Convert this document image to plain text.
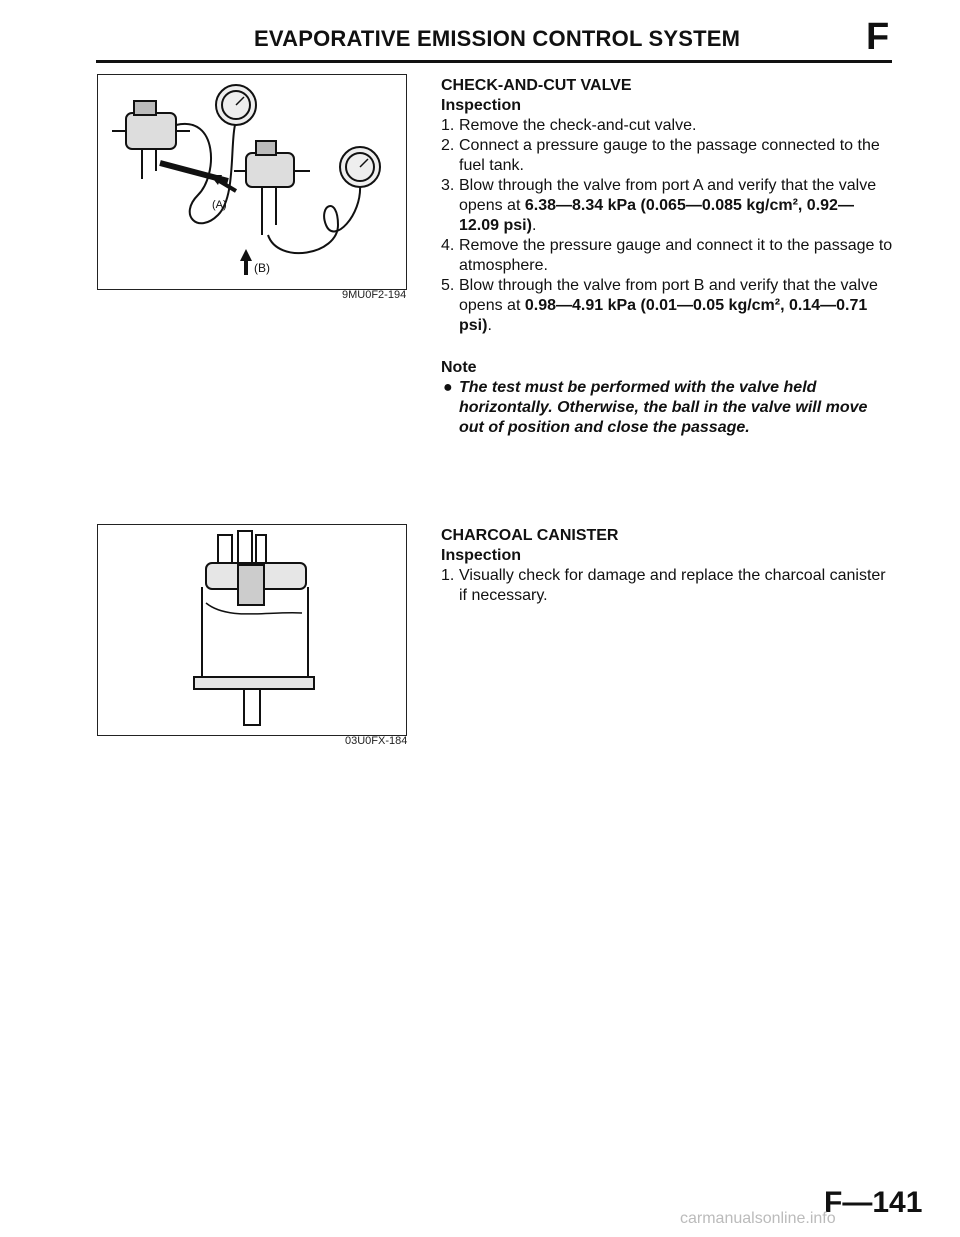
EVAPORATIVE EMISSION CONTROL SYSTEM	F
(A)
(B)
9MU0F2-194
03U0FX-184
CHECK-AND-CUT VALVE
Inspection
1. Remove the check-and-cut valve.
2. Connect a pressure gauge to the passage connected to the fuel tank.
3. Blow through the valve from port A and verify that the valve opens at 6.38—8.34 kPa (0.065—0.085 kg/cm², 0.92—12.09 psi).
4. Remove the pressure gauge and connect it to the passage to atmosphere.
5. Blow through the valve from port B and verify that the valve opens at 0.98—4.91 kPa (0.01—0.05 kg/cm², 0.14—0.71 psi).
Note
● The test must be performed with the valve held horizontally. Otherwise, the ball in the valve will move out of position and close the passage.
CHARCOAL CANISTER
Inspection
1. Visually check for damage and replace the charcoal canister if necessary.
F—141
carmanualsonline.info
